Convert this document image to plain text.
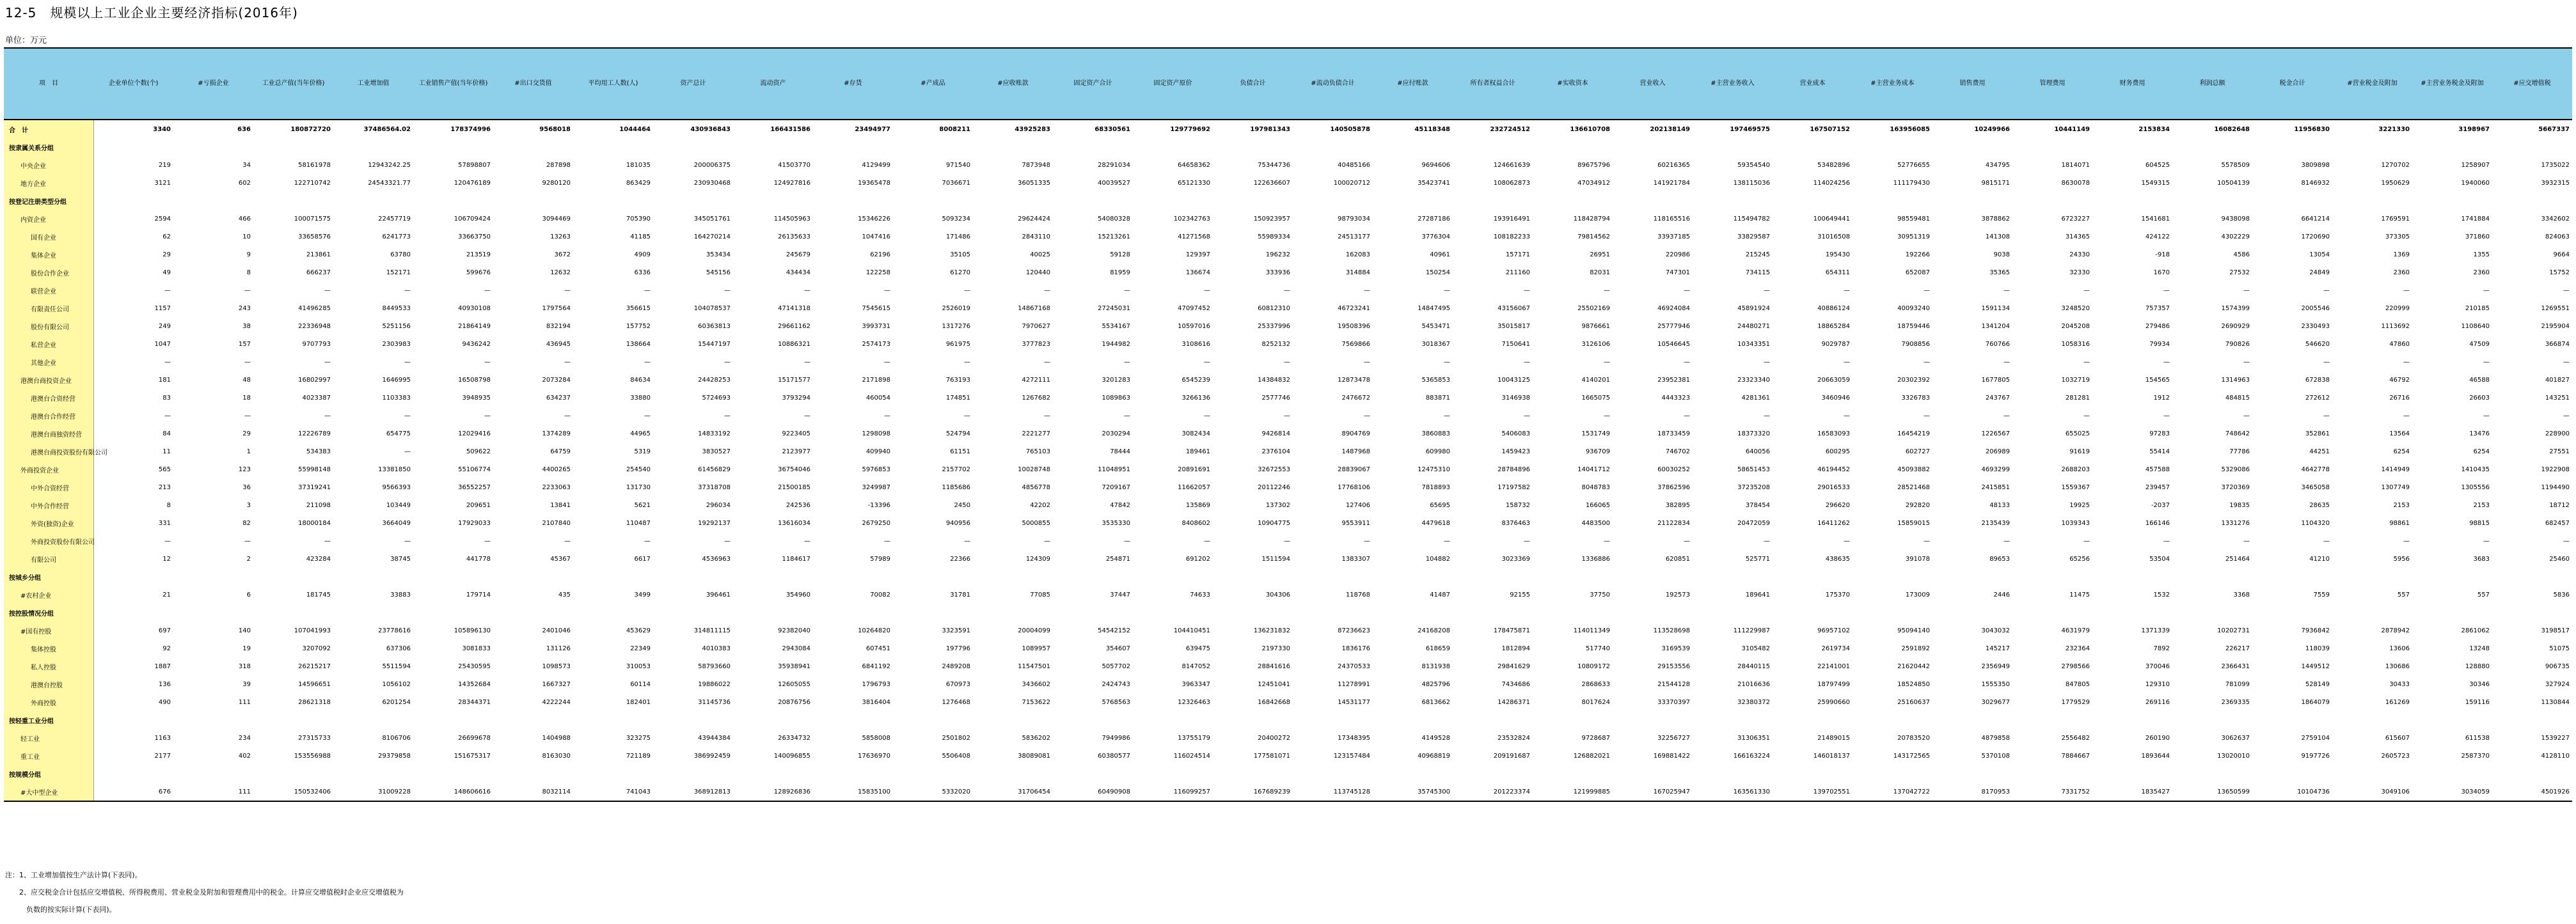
12-5　规模以上工业企业主要经济指标(2016年)
单位：万元
项　目	企业单位个数(个)	#亏损企业	工业总产值(当年价格)	工业增加值	工业销售产值(当年价格)	#出口交货值	平均用工人数(人)	资产总计	流动资产	#存货	#产成品	#应收账款	固定资产合计	固定资产原价	负债合计	#流动负债合计	#应付账款	所有者权益合计	#实收资本	营业收入	#主营业务收入	营业成本	#主营业务成本	销售费用	管理费用	财务费用	利润总额	税金合计	#营业税金及附加	#主营业务税金及附加	#应交增值税
合　计	3340	636	180872720	37486564.02	178374996	9568018	1044464	430936843	166431586	23494977	8008211	43925283	68330561	129779692	197981343	140505878	45118348	232724512	136610708	202138149	197469575	167507152	163956085	10249966	10441149	2153834	16082648	11956830	3221330	3198967	5667337
按隶属关系分组																															
中央企业	219	34	58161978	12943242.25	57898807	287898	181035	200006375	41503770	4129499	971540	7873948	28291034	64658362	75344736	40485166	9694606	124661639	89675796	60216365	59354540	53482896	52776655	434795	1814071	604525	5578509	3809898	1270702	1258907	1735022
地方企业	3121	602	122710742	24543321.77	120476189	9280120	863429	230930468	124927816	19365478	7036671	36051335	40039527	65121330	122636607	100020712	35423741	108062873	47034912	141921784	138115036	114024256	111179430	9815171	8630078	1549315	10504139	8146932	1950629	1940060	3932315
按登记注册类型分组																															
内资企业	2594	466	100071575	22457719	106709424	3094469	705390	345051761	114505963	15346226	5093234	29624424	54080328	102342763	150923957	98793034	27287186	193916491	118428794	118165516	115494782	100649441	98559481	3878862	6723227	1541681	9438098	6641214	1769591	1741884	3342602
国有企业	62	10	33658576	6241773	33663750	13263	41185	164270214	26135633	1047416	171486	2843110	15213261	41271568	55989334	24513177	3776304	108182233	79814562	33937185	33829587	31016508	30951319	141308	314365	424122	4302229	1720690	373305	371860	824063
集体企业	29	9	213861	63780	213519	3672	4909	353434	245679	62196	35105	40025	59128	129397	196232	162083	40961	157171	26951	220986	215245	195430	192266	9038	24330	-918	4586	13054	1369	1355	9664
股份合作企业	49	8	666237	152171	599676	12632	6336	545156	434434	122258	61270	120440	81959	136674	333936	314884	150254	211160	82031	747301	734115	654311	652087	35365	32330	1670	27532	24849	2360	2360	15752
联营企业	—	—	—	—	—	—	—	—	—	—	—	—	—	—	—	—	—	—	—	—	—	—	—	—	—	—	—	—	—	—	—
有限责任公司	1157	243	41496285	8449533	40930108	1797564	356615	104078537	47141318	7545615	2526019	14867168	27245031	47097452	60812310	46723241	14847495	43156067	25502169	46924084	45891924	40886124	40093240	1591134	3248520	757357	1574399	2005546	220999	210185	1269551
股份有限公司	249	38	22336948	5251156	21864149	832194	157752	60363813	29661162	3993731	1317276	7970627	5534167	10597016	25337996	19508396	5453471	35015817	9876661	25777946	24480271	18865284	18759446	1341204	2045208	279486	2690929	2330493	1113692	1108640	2195904
私营企业	1047	157	9707793	2303983	9436242	436945	138664	15447197	10886321	2574173	961975	3777823	1944982	3108616	8252132	7569866	3018367	7150641	3126106	10546645	10343351	9029787	7908856	760766	1058316	79934	790826	546620	47860	47509	366874
其他企业	—	—	—	—	—	—	—	—	—	—	—	—	—	—	—	—	—	—	—	—	—	—	—	—	—	—	—	—	—	—	—
港澳台商投资企业	181	48	16802997	1646995	16508798	2073284	84634	24428253	15171577	2171898	763193	4272111	3201283	6545239	14384832	12873478	5365853	10043125	4140201	23952381	23323340	20663059	20302392	1677805	1032719	154565	1314963	672838	46792	46588	401827
港澳台合资经营	83	18	4023387	1103383	3948935	634237	33880	5724693	3793294	460054	174851	1267682	1089863	3266136	2577746	2476672	883871	3146938	1665075	4443323	4281361	3460946	3326783	243767	281281	1912	484815	272612	26716	26603	143251
港澳台合作经营	—	—	—	—	—	—	—	—	—	—	—	—	—	—	—	—	—	—	—	—	—	—	—	—	—	—	—	—	—	—	—
港澳台商独资经营	84	29	12226789	654775	12029416	1374289	44965	14833192	9223405	1298098	524794	2221277	2030294	3082434	9426814	8904769	3860883	5406083	1531749	18733459	18373320	16583093	16454219	1226567	655025	97283	748642	352861	13564	13476	228900
港澳台商投资股份有限公司	11	1	534383	—	509622	64759	5319	3830527	2123977	409940	61151	765103	78444	189461	2376104	1487968	609980	1459423	936709	746702	640056	600295	602727	206989	91619	55414	77786	44251	6254	6254	27551
外商投资企业	565	123	55998148	13381850	55106774	4400265	254540	61456829	36754046	5976853	2157702	10028748	11048951	20891691	32672553	28839067	12475310	28784896	14041712	60030252	58651453	46194452	45093882	4693299	2688203	457588	5329086	4642778	1414949	1410435	1922908
中外合资经营	213	36	37319241	9566393	36552257	2233063	131730	37318708	21500185	3249987	1185686	4856778	7209167	11662057	20112246	17768106	7818893	17197582	8048783	37862596	37235208	29016533	28521468	2415851	1559367	239457	3720369	3465058	1307749	1305556	1194490
中外合作经营	8	3	211098	103449	209651	13841	5621	296034	242536	-13396	2450	42202	47842	135869	137302	127406	65695	158732	166065	382895	378454	296620	292820	48133	19925	-2037	19835	28635	2153	2153	18712
外资(独资)企业	331	82	18000184	3664049	17929033	2107840	110487	19292137	13616034	2679250	940956	5000855	3535330	8408602	10904775	9553911	4479618	8376463	4483500	21122834	20472059	16411262	15859015	2135439	1039343	166146	1331276	1104320	98861	98815	682457
外商投资股份有限公司	—	—	—	—	—	—	—	—	—	—	—	—	—	—	—	—	—	—	—	—	—	—	—	—	—	—	—	—	—	—	—
有限公司	12	2	423284	38745	441778	45367	6617	4536963	1184617	57989	22366	124309	254871	691202	1511594	1383307	104882	3023369	1336886	620851	525771	438635	391078	89653	65256	53504	251464	41210	5956	3683	25460
按城乡分组																															
#农村企业	21	6	181745	33883	179714	435	3499	396461	354960	70082	31781	77085	37447	74633	304306	118768	41487	92155	37750	192573	189641	175370	173009	2446	11475	1532	3368	7559	557	557	5836
按控股情况分组																															
#国有控股	697	140	107041993	23778616	105896130	2401046	453629	314811115	92382040	10264820	3323591	20004099	54542152	104410451	136231832	87236623	24168208	178475871	114011349	113528698	111229987	96957102	95094140	3043032	4631979	1371339	10202731	7936842	2878942	2861062	3198517
集体控股	92	19	3207092	637306	3081833	131126	22349	4010383	2943084	607451	197796	1089957	354607	639475	2197330	1836176	618659	1812894	517740	3169539	3105482	2619734	2591892	145217	232364	7892	226217	118039	13606	13248	51075
私人控股	1887	318	26215217	5511594	25430595	1098573	310053	58793660	35938941	6841192	2489208	11547501	5057702	8147052	28841616	24370533	8131938	29841629	10809172	29153556	28440115	22141001	21620442	2356949	2798566	370046	2366431	1449512	130686	128880	906735
港澳台控股	136	39	14596651	1056102	14352684	1667327	60114	19886022	12605055	1796793	670973	3436602	2424743	3963347	12451041	11278991	4825796	7434686	2868633	21544128	21016636	18797499	18524850	1555350	847805	129310	781099	528149	30433	30346	327924
外商控股	490	111	28621318	6201254	28344371	4222244	182401	31145736	20876756	3816404	1276468	7153622	5768563	12326463	16842668	14531177	6813662	14286371	8017624	33370397	32380372	25990660	25160637	3029677	1779529	269116	2369335	1864079	161269	159116	1130844
按轻重工业分组																															
轻工业	1163	234	27315733	8106706	26699678	1404988	323275	43944384	26334732	5858008	2501802	5836202	7949986	13755179	20400272	17348395	4149528	23532824	9728687	32256727	31306351	21489015	20783520	4879858	2556482	260190	3062637	2759104	615607	611538	1539227
重工业	2177	402	153556988	29379858	151675317	8163030	721189	386992459	140096855	17636970	5506408	38089081	60380577	116024514	177581071	123157484	40968819	209191687	126882021	169881422	166163224	146018137	143172565	5370108	7884667	1893644	13020010	9197726	2605723	2587370	4128110
按规模分组																															
#大中型企业	676	111	150532406	31009228	148606616	8032114	741043	368912813	128926836	15835100	5332020	31706454	60490908	116099257	167689239	113745128	35745300	201223374	121999885	167025947	163561330	139702551	137042722	8170953	7331752	1835427	13650599	10104736	3049106	3034059	4501926
注：1、工业增加值按生产法计算(下表同)。
　　2、应交税金合计包括应交增值税、所得税费用、营业税金及附加和管理费用中的税金。计算应交增值税时企业应交增值税为
　　　负数的按实际计算(下表同)。
